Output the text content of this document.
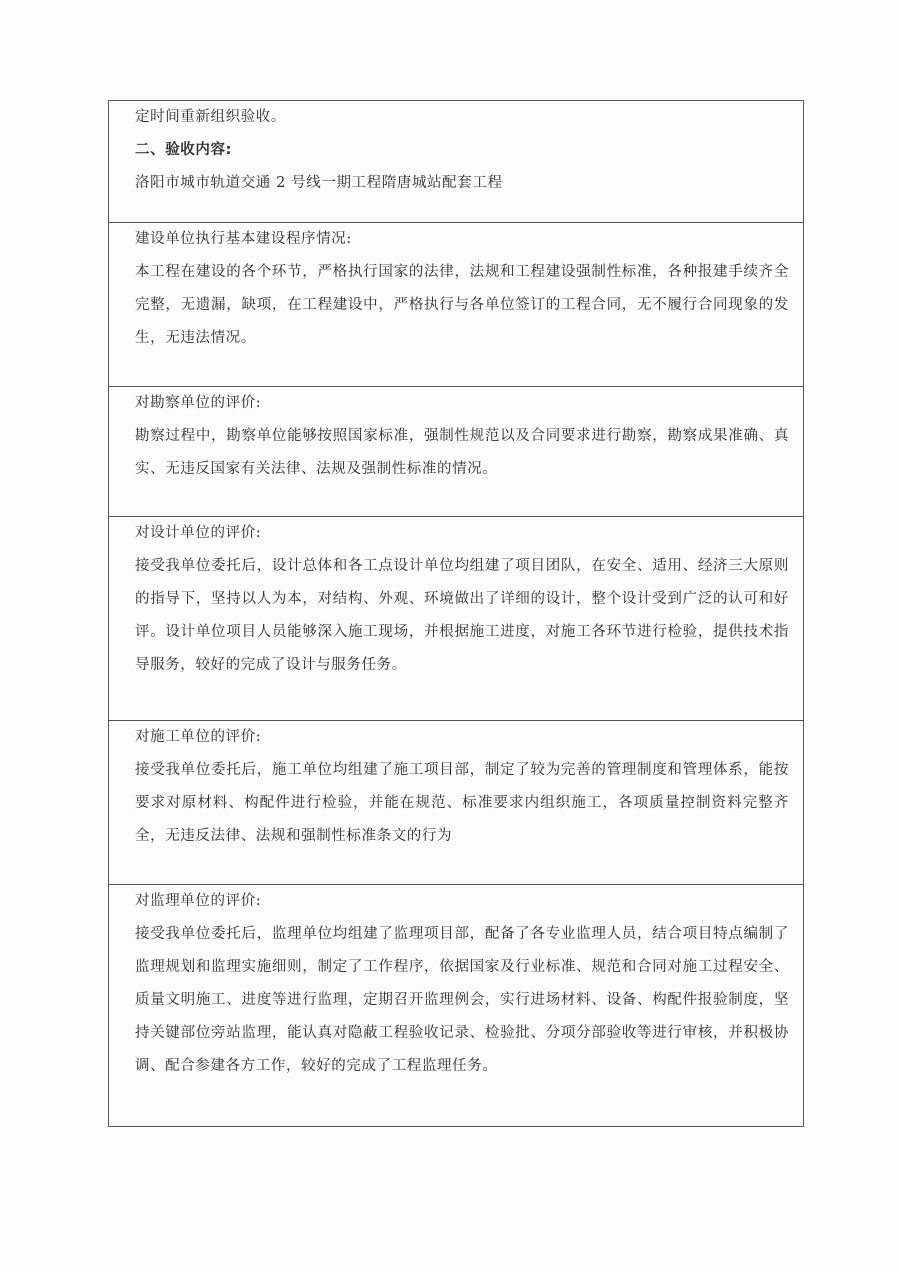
定时间重新组织验收。

二、验收内容:

洛阳市城市轨道交通 2 号线一期工程隋唐城站配套工程

建设单位执行基本建设程序情况:

本工程在建设的各个环节，严格执行国家的法律，法规和工程建设强制性标准，各种报建手续齐全完整，无遗漏，缺项，在工程建设中，严格执行与各单位签订的工程合同，无不履行合同现象的发生，无违法情况。

对勘察单位的评价:

勘察过程中，勘察单位能够按照国家标准，强制性规范以及合同要求进行勘察，勘察成果准确、真实、无违反国家有关法律、法规及强制性标准的情况。

对设计单位的评价:

接受我单位委托后，设计总体和各工点设计单位均组建了项目团队，在安全、适用、经济三大原则的指导下，坚持以人为本，对结构、外观、环境做出了详细的设计，整个设计受到广泛的认可和好评。设计单位项目人员能够深入施工现场，并根据施工进度，对施工各环节进行检验，提供技术指导服务，较好的完成了设计与服务任务。

对施工单位的评价:

接受我单位委托后，施工单位均组建了施工项目部，制定了较为完善的管理制度和管理体系，能按要求对原材料、构配件进行检验，并能在规范、标准要求内组织施工，各项质量控制资料完整齐全，无违反法律、法规和强制性标准条文的行为

对监理单位的评价:

接受我单位委托后，监理单位均组建了监理项目部，配备了各专业监理人员，结合项目特点编制了监理规划和监理实施细则，制定了工作程序，依据国家及行业标准、规范和合同对施工过程安全、质量文明施工、进度等进行监理，定期召开监理例会，实行进场材料、设备、构配件报验制度，坚持关键部位旁站监理，能认真对隐蔽工程验收记录、检验批、分项分部验收等进行审核，并积极协调、配合参建各方工作，较好的完成了工程监理任务。
